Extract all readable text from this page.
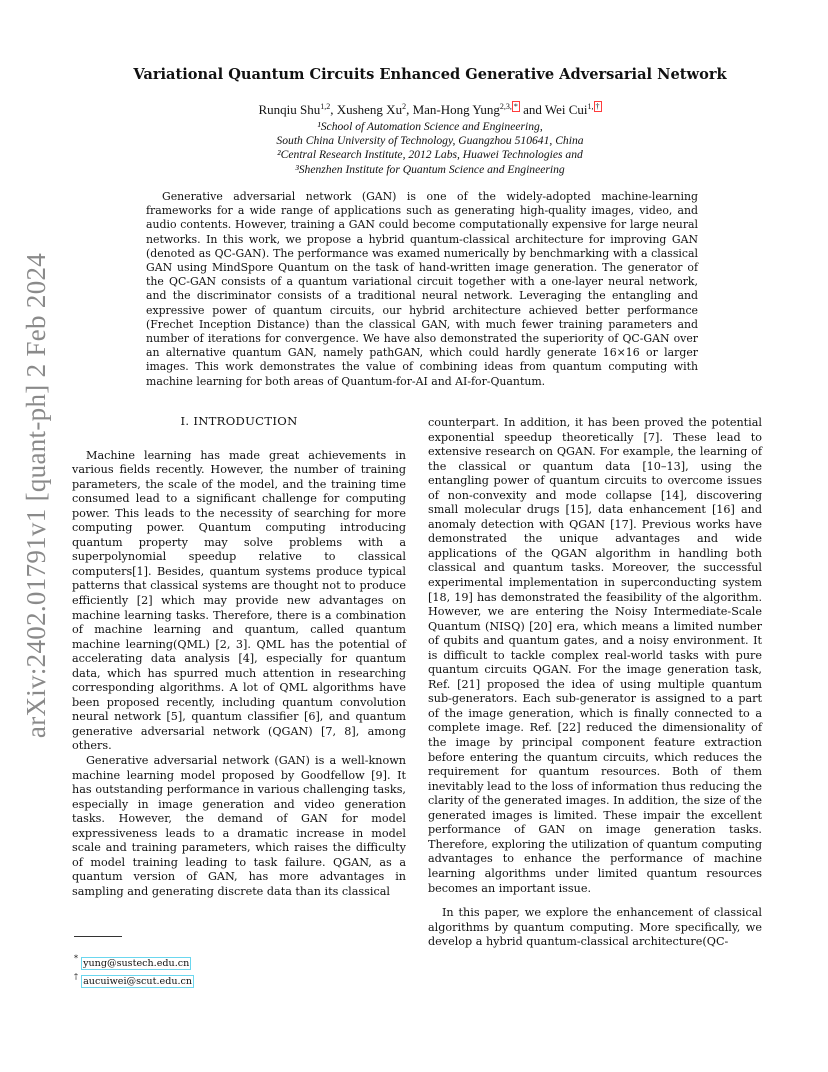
arXiv:2402.01791v1 [quant-ph] 2 Feb 2024
Variational Quantum Circuits Enhanced Generative Adversarial Network
Runqiu Shu$^{1,2}$, Xusheng Xu$^2$, Man-Hong Yung$^{2,3, *}$ and Wei Cui$^{1, \dagger}$
¹School of Automation Science and Engineering,
South China University of Technology, Guangzhou 510641, China
²Central Research Institute, 2012 Labs, Huawei Technologies and
³Shenzhen Institute for Quantum Science and Engineering

Generative adversarial network (GAN) is one of the widely-adopted machine-learning frameworks for a wide range of applications such as generating high-quality images, video, and audio contents. However, training a GAN could become computationally expensive for large neural networks. In this work, we propose a hybrid quantum-classical architecture for improving GAN (denoted as QC-GAN). The performance was examed numerically by benchmarking with a classical GAN using MindSpore Quantum on the task of hand-written image generation. The generator of the QC-GAN consists of a quantum variational circuit together with a one-layer neural network, and the discriminator consists of a traditional neural network. Leveraging the entangling and expressive power of quantum circuits, our hybrid architecture achieved better performance (Frechet Inception Distance) than the classical GAN, with much fewer training parameters and number of iterations for convergence. We have also demonstrated the superiority of QC-GAN over an alternative quantum GAN, namely pathGAN, which could hardly generate 16×16 or larger images. This work demonstrates the value of combining ideas from quantum computing with machine learning for both areas of Quantum-for-AI and AI-for-Quantum.

I. INTRODUCTION

Machine learning has made great achievements in various fields recently. However, the number of training parameters, the scale of the model, and the training time consumed lead to a significant challenge for computing power. This leads to the necessity of searching for more computing power. Quantum computing introducing quantum property may solve problems with a superpolynomial speedup relative to classical computers[1]. Besides, quantum systems produce typical patterns that classical systems are thought not to produce efficiently [2] which may provide new advantages on machine learning tasks. Therefore, there is a combination of machine learning and quantum, called quantum machine learning(QML) [2, 3]. QML has the potential of accelerating data analysis [4], especially for quantum data, which has spurred much attention in researching corresponding algorithms. A lot of QML algorithms have been proposed recently, including quantum convolution neural network [5], quantum classifier [6], and quantum generative adversarial network (QGAN) [7, 8], among others.

Generative adversarial network (GAN) is a well-known machine learning model proposed by Goodfellow [9]. It has outstanding performance in various challenging tasks, especially in image generation and video generation tasks. However, the demand of GAN for model expressiveness leads to a dramatic increase in model scale and training parameters, which raises the difficulty of model training leading to task failure. QGAN, as a quantum version of GAN, has more advantages in sampling and generating discrete data than its classical

counterpart. In addition, it has been proved the potential exponential speedup theoretically [7]. These lead to extensive research on QGAN. For example, the learning of the classical or quantum data [10–13], using the entangling power of quantum circuits to overcome issues of non-convexity and mode collapse [14], discovering small molecular drugs [15], data enhancement [16] and anomaly detection with QGAN [17]. Previous works have demonstrated the unique advantages and wide applications of the QGAN algorithm in handling both classical and quantum tasks. Moreover, the successful experimental implementation in superconducting system [18, 19] has demonstrated the feasibility of the algorithm. However, we are entering the Noisy Intermediate-Scale Quantum (NISQ) [20] era, which means a limited number of qubits and quantum gates, and a noisy environment. It is difficult to tackle complex real-world tasks with pure quantum circuits QGAN. For the image generation task, Ref. [21] proposed the idea of using multiple quantum sub-generators. Each sub-generator is assigned to a part of the image generation, which is finally connected to a complete image. Ref. [22] reduced the dimensionality of the image by principal component feature extraction before entering the quantum circuits, which reduces the requirement for quantum resources. Both of them inevitably lead to the loss of information thus reducing the clarity of the generated images. In addition, the size of the generated images is limited. These impair the excellent performance of GAN on image generation tasks. Therefore, exploring the utilization of quantum computing advantages to enhance the performance of machine learning algorithms under limited quantum resources becomes an important issue.

In this paper, we explore the enhancement of classical algorithms by quantum computing. More specifically, we develop a hybrid quantum-classical architecture(QC-

* yung@sustech.edu.cn
† aucuiwei@scut.edu.cn
